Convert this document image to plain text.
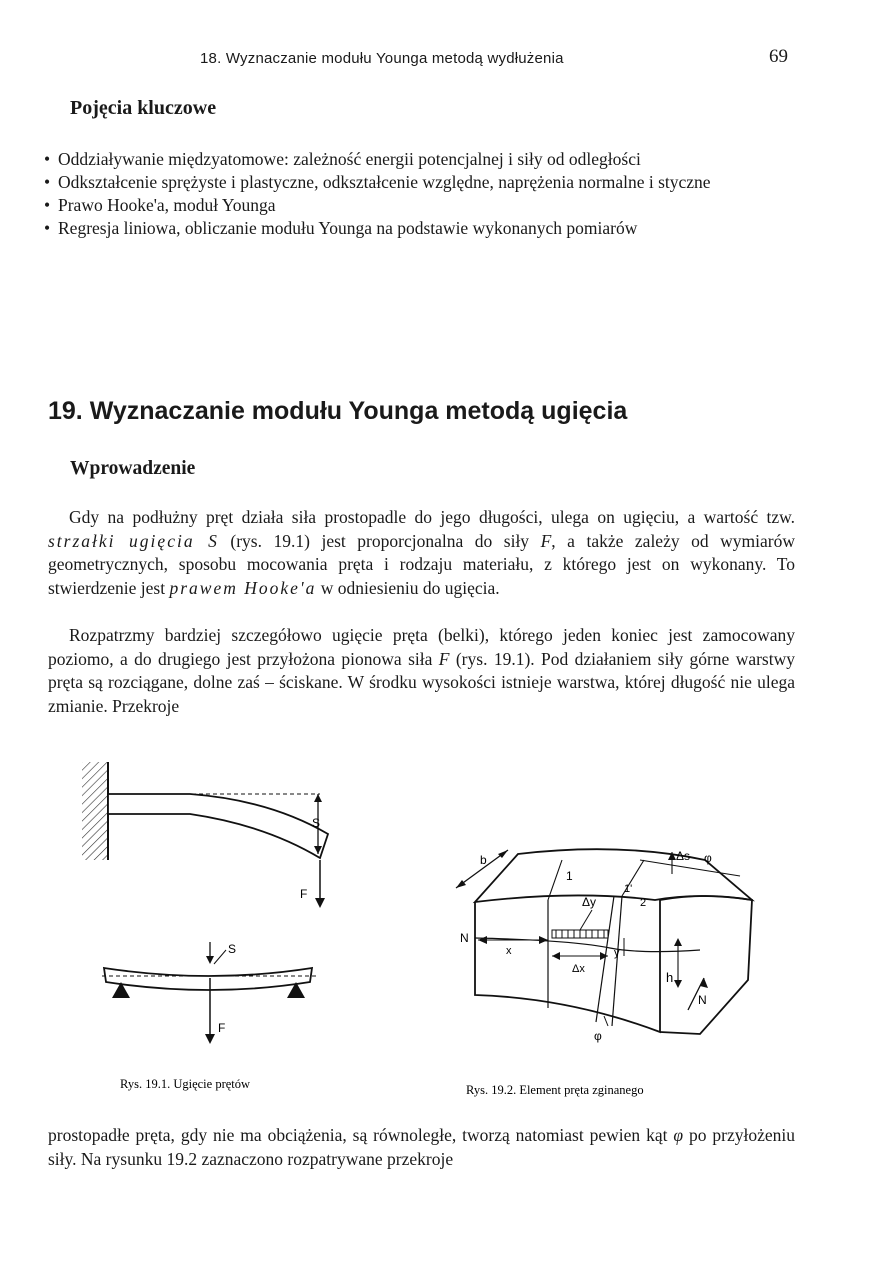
18. Wyznaczanie modułu Younga metodą wydłużenia	69
Pojęcia kluczowe
• Oddziaływanie międzyatomowe: zależność energii potencjalnej i siły od odległości
• Odkształcenie sprężyste i plastyczne, odkształcenie względne, naprężenia normalne i styczne
• Prawo Hooke'a, moduł Younga
• Regresja liniowa, obliczanie modułu Younga na podstawie wykonanych pomiarów
19. Wyznaczanie modułu Younga metodą ugięcia
Wprowadzenie

Gdy na podłużny pręt działa siła prostopadle do jego długości, ulega on ugięciu, a wartość tzw. strzałki ugięcia S (rys. 19.1) jest proporcjonalna do siły F, a także zależy od wymiarów geometrycznych, sposobu mocowania pręta i rodzaju materiału, z którego jest on wykonany. To stwierdzenie jest prawem Hooke'a w odniesieniu do ugięcia.

Rozpatrzmy bardziej szczegółowo ugięcie pręta (belki), którego jeden koniec jest zamocowany poziomo, a do drugiego jest przyłożona pionowa siła F (rys. 19.1). Pod działaniem siły górne warstwy pręta są rozciągane, dolne zaś – ściskane. W środku wysokości istnieje warstwa, której długość nie ulega zmianie. Przekroje

S
F
S
F
Rys. 19.1. Ugięcie prętów
b
N
x
1
1'
2
Δy
Δx
y
h
N
Δs φ
φ
Rys. 19.2. Element pręta zginanego

prostopadłe pręta, gdy nie ma obciążenia, są równoległe, tworzą natomiast pewien kąt φ po przyłożeniu siły. Na rysunku 19.2 zaznaczono rozpatrywane przekroje
